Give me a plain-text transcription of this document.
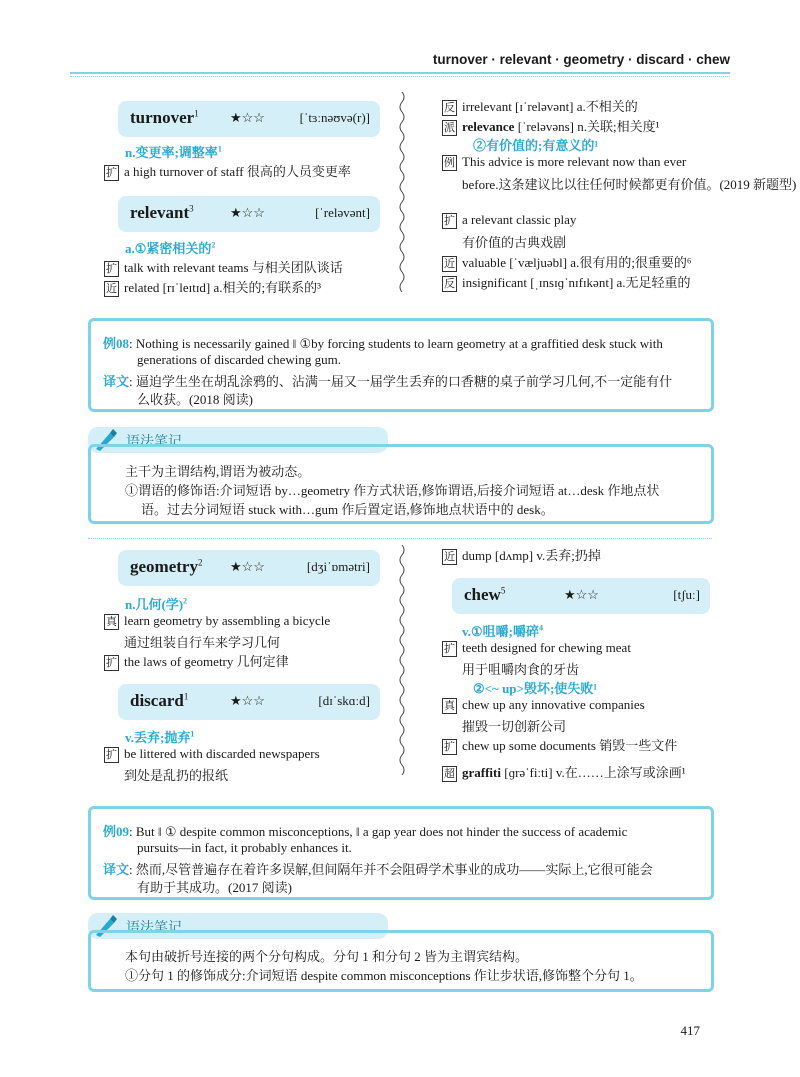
turnover · relevant · geometry · discard · chew
turnover$^1$ ★☆☆	[ˈtɜːnəʊvə(r)]
n.变更率;调整率$^1$
扩 a high turnover of staff 很高的人员变更率
relevant$^3$	★☆☆	[ˈreləvənt]
a.①紧密相关的$^2$
扩 talk with relevant teams 与相关团队谈话
近 related [rɪˈleɪtɪd] a.相关的;有联系的³
反 irrelevant [ɪˈreləvənt] a.不相关的
派 relevance [ˈreləvəns] n.关联;相关度¹
②有价值的;有意义的¹
例 This advice is more relevant now than ever
before.这条建议比以往任何时候都更有价值。(2019 新题型)
扩 a relevant classic play
有价值的古典戏剧
近 valuable [ˈvæljuəbl] a.很有用的;很重要的⁶
反 insignificant [ˌɪnsɪɡˈnɪfɪkənt] a.无足轻重的
例08: Nothing is necessarily gained ‖ ①by forcing students to learn geometry at a graffitied desk stuck with
generations of discarded chewing gum.
译文: 逼迫学生坐在胡乱涂鸦的、沾满一届又一届学生丢弃的口香糖的桌子前学习几何,不一定能有什
么收获。(2018 阅读)
语法笔记
主干为主谓结构,谓语为被动态。
①谓语的修饰语:介词短语 by…geometry 作方式状语,修饰谓语,后接介词短语 at…desk 作地点状
语。过去分词短语 stuck with…gum 作后置定语,修饰地点状语中的 desk。
geometry$^2$ ★☆☆	[dʒiˈɒmətri]
n.几何(学)$^2$
真 learn geometry by assembling a bicycle
通过组装自行车来学习几何
扩 the laws of geometry 几何定律
discard$^1$	★☆☆	[dɪˈskɑːd]
v.丢弃;抛弃$^1$
扩 be littered with discarded newspapers
到处是乱扔的报纸
近 dump [dʌmp] v.丢弃;扔掉
chew$^5$	★☆☆	[tʃuː]
v.①咀嚼;嚼碎$^4$
扩 teeth designed for chewing meat
用于咀嚼肉食的牙齿
②<~ up>毁坏;使失败¹
真 chew up any innovative companies
摧毁一切创新公司
扩 chew up some documents 销毁一些文件
超 graffiti [ɡrəˈfiːti] v.在……上涂写或涂画¹
例09: But ‖ ① despite common misconceptions, ‖ a gap year does not hinder the success of academic
pursuits—in fact, it probably enhances it.
译文: 然而,尽管普遍存在着许多误解,但间隔年并不会阻碍学术事业的成功——实际上,它很可能会
有助于其成功。(2017 阅读)
语法笔记
本句由破折号连接的两个分句构成。分句 1 和分句 2 皆为主谓宾结构。
①分句 1 的修饰成分:介词短语 despite common misconceptions 作让步状语,修饰整个分句 1。
417
